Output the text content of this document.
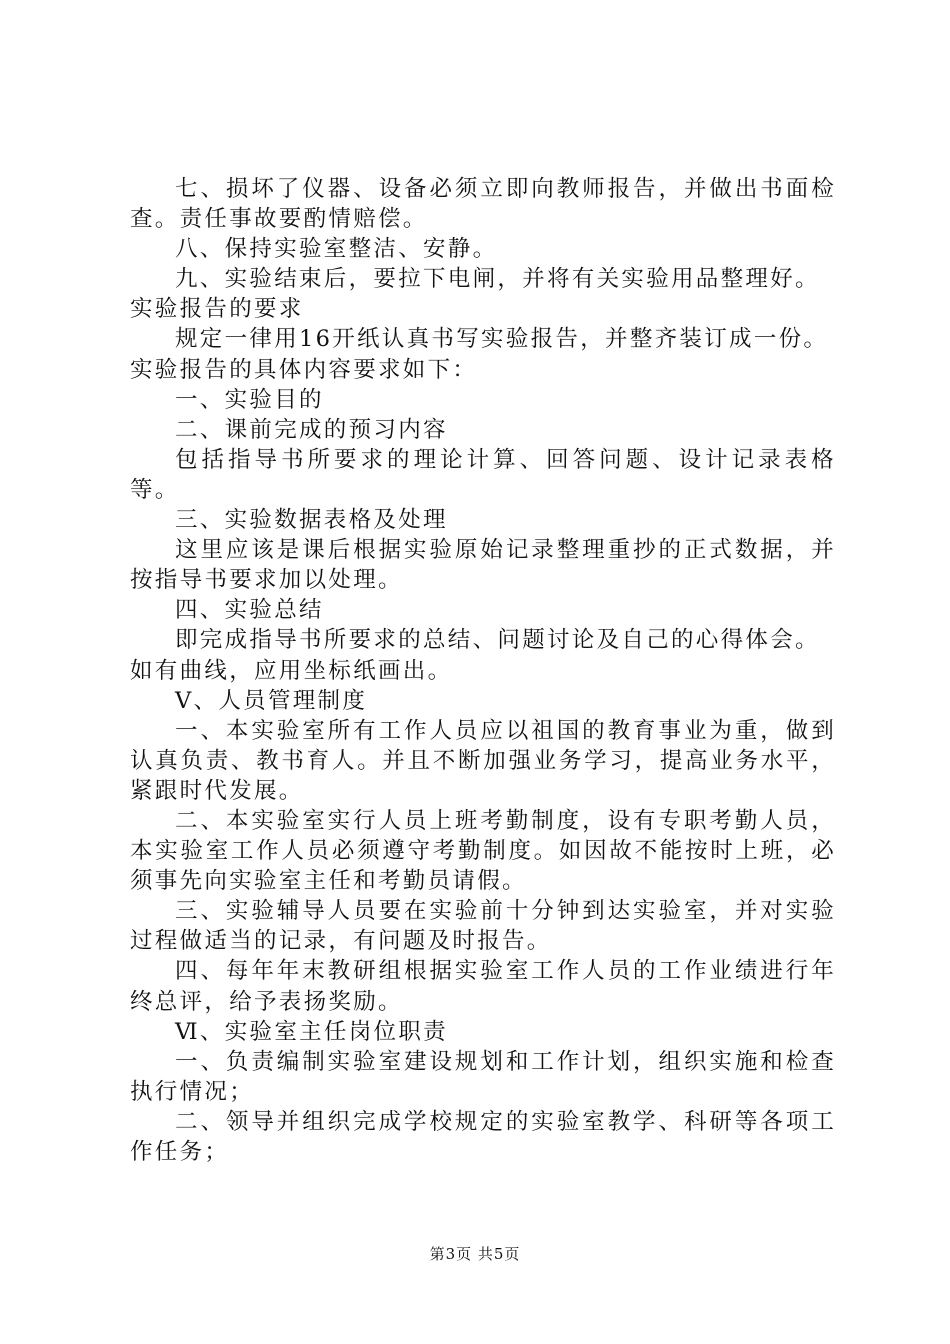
七、损坏了仪器、设备必须立即向教师报告，并做出书面检查。责任事故要酌情赔偿。

八、保持实验室整洁、安静。

九、实验结束后，要拉下电闸，并将有关实验用品整理好。

实验报告的要求

规定一律用16开纸认真书写实验报告，并整齐装订成一份。

实验报告的具体内容要求如下：

一、实验目的

二、课前完成的预习内容

包括指导书所要求的理论计算、回答问题、设计记录表格等。

三、实验数据表格及处理

这里应该是课后根据实验原始记录整理重抄的正式数据，并按指导书要求加以处理。

四、实验总结

即完成指导书所要求的总结、问题讨论及自己的心得体会。

如有曲线，应用坐标纸画出。

Ⅴ、人员管理制度

一、本实验室所有工作人员应以祖国的教育事业为重，做到认真负责、教书育人。并且不断加强业务学习，提高业务水平，紧跟时代发展。

二、本实验室实行人员上班考勤制度，设有专职考勤人员，本实验室工作人员必须遵守考勤制度。如因故不能按时上班，必须事先向实验室主任和考勤员请假。

三、实验辅导人员要在实验前十分钟到达实验室，并对实验过程做适当的记录，有问题及时报告。

四、每年年末教研组根据实验室工作人员的工作业绩进行年终总评，给予表扬奖励。

Ⅵ、实验室主任岗位职责

一、负责编制实验室建设规划和工作计划，组织实施和检查执行情况；

二、领导并组织完成学校规定的实验室教学、科研等各项工作任务；

第3页 共5页
